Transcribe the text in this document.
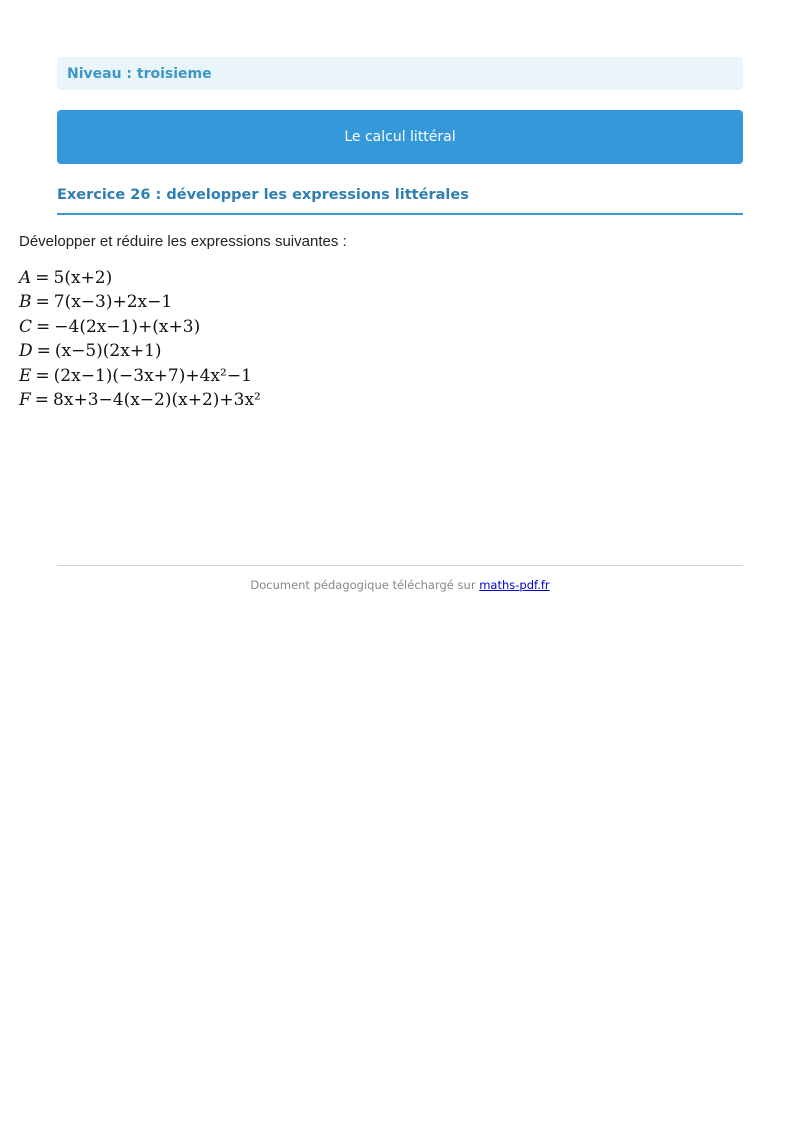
Niveau : troisieme
Le calcul littéral
Exercice 26 : développer les expressions littérales

Développer et réduire les expressions suivantes :

A = 5(x+2)
B = 7(x−3)+2x−1
C = −4(2x−1)+(x+3)
D = (x−5)(2x+1)
E = (2x−1)(−3x+7)+4x²−1
F = 8x+3−4(x−2)(x+2)+3x²
Document pédagogique téléchargé sur maths-pdf.fr
